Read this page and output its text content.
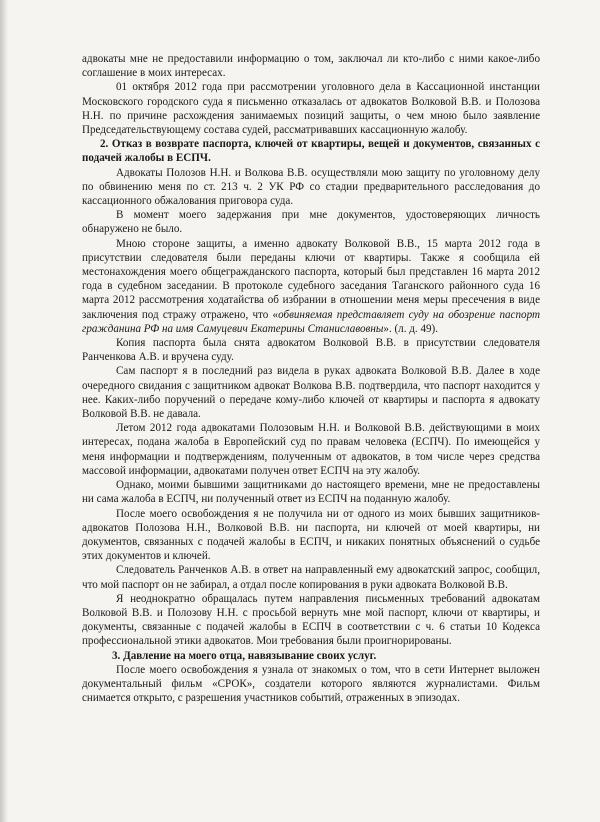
адвокаты мне не предоставили информацию о том, заключал ли кто-либо с ними какое-либо соглашение в моих интересах.

01 октября 2012 года при рассмотрении уголовного дела в Кассационной инстанции Московского городского суда я письменно отказалась от адвокатов Волковой В.В. и Полозова Н.Н. по причине расхождения занимаемых позиций защиты, о чем мною было заявление Председательствующему состава судей, рассматривавших кассационную жалобу.

2. Отказ в возврате паспорта, ключей от квартиры, вещей и документов, связанных с подачей жалобы в ЕСПЧ.

Адвокаты Полозов Н.Н. и Волкова В.В. осуществляли мою защиту по уголовному делу по обвинению меня по ст. 213 ч. 2 УК РФ со стадии предварительного расследования до кассационного обжалования приговора суда.

В момент моего задержания при мне документов, удостоверяющих личность обнаружено не было.

Мною стороне защиты, а именно адвокату Волковой В.В., 15 марта 2012 года в присутствии следователя были переданы ключи от квартиры. Также я сообщила ей местонахождения моего общегражданского паспорта, который был представлен 16 марта 2012 года в судебном заседании. В протоколе судебного заседания Таганского районного суда 16 марта 2012 рассмотрения ходатайства об избрании в отношении меня меры пресечения в виде заключения под стражу отражено, что «обвиняемая представляет суду на обозрение паспорт гражданина РФ на имя Самуцевич Екатерины Станиславовны». (л. д. 49).

Копия паспорта была снята адвокатом Волковой В.В. в присутствии следователя Ранченкова А.В. и вручена суду.

Сам паспорт я в последний раз видела в руках адвоката Волковой В.В. Далее в ходе очередного свидания с защитником адвокат Волкова В.В. подтвердила, что паспорт находится у нее. Каких-либо поручений о передаче кому-либо ключей от квартиры и паспорта я адвокату Волковой В.В. не давала.

Летом 2012 года адвокатами Полозовым Н.Н. и Волковой В.В. действующими в моих интересах, подана жалоба в Европейский суд по правам человека (ЕСПЧ). По имеющейся у меня информации и подтверждениям, полученным от адвокатов, в том числе через средства массовой информации, адвокатами получен ответ ЕСПЧ на эту жалобу.

Однако, моими бывшими защитниками до настоящего времени, мне не предоставлены ни сама жалоба в ЕСПЧ, ни полученный ответ из ЕСПЧ на поданную жалобу.

После моего освобождения я не получила ни от одного из моих бывших защитников- адвокатов Полозова Н.Н., Волковой В.В. ни паспорта, ни ключей от моей квартиры, ни документов, связанных с подачей жалобы в ЕСПЧ, и никаких понятных объяснений о судьбе этих документов и ключей.

Следователь Ранченков А.В. в ответ на направленный ему адвокатский запрос, сообщил, что мой паспорт он не забирал, а отдал после копирования в руки адвоката Волковой В.В.

Я неоднократно обращалась путем направления письменных требований адвокатам Волковой В.В. и Полозову Н.Н. с просьбой вернуть мне мой паспорт, ключи от квартиры, и документы, связанные с подачей жалобы в ЕСПЧ в соответствии с ч. 6 статьи 10 Кодекса профессиональной этики адвокатов. Мои требования были проигнорированы.

3. Давление на моего отца, навязывание своих услуг.

После моего освобождения я узнала от знакомых о том, что в сети Интернет выложен документальный фильм «СРОК», создатели которого являются журналистами. Фильм снимается открыто, с разрешения участников событий, отраженных в эпизодах.
